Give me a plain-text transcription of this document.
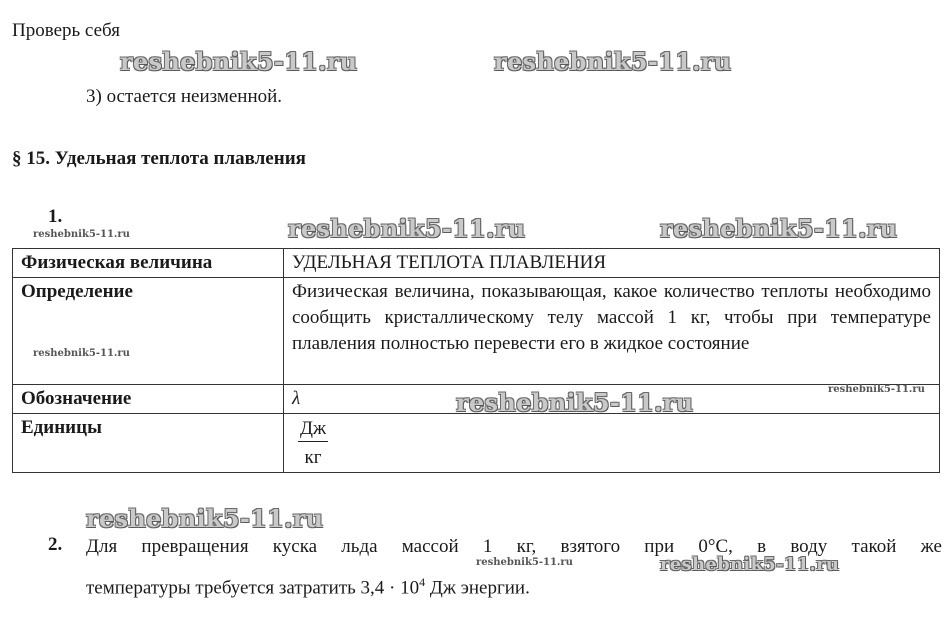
Проверь себя
reshebnik5-11.ru	reshebnik5-11.ru
3) остается неизменной.
§ 15. Удельная теплота плавления
1.
reshebnik5-11.ru	reshebnik5-11.ru	reshebnik5-11.ru
Физическая величина	УДЕЛЬНАЯ ТЕПЛОТА ПЛАВЛЕНИЯ
Определение	Физическая величина, показывающая, какое количество теплоты необходимо сообщить кристаллическому телу массой 1 кг, чтобы при температуре плавления полностью перевести его в жидкое состояние
Обозначение	λ
Единицы	$\frac{Дж}{кг}$
reshebnik5-11.ru
reshebnik5-11.ru
reshebnik5-11.ru
reshebnik5-11.ru
2. Для превращения куска льда массой 1 кг, взятого при 0°С, в воду такой же
reshebnik5-11.ru	reshebnik5-11.ru
температуры требуется затратить $3,4 \cdot 10^4$ Дж энергии.
